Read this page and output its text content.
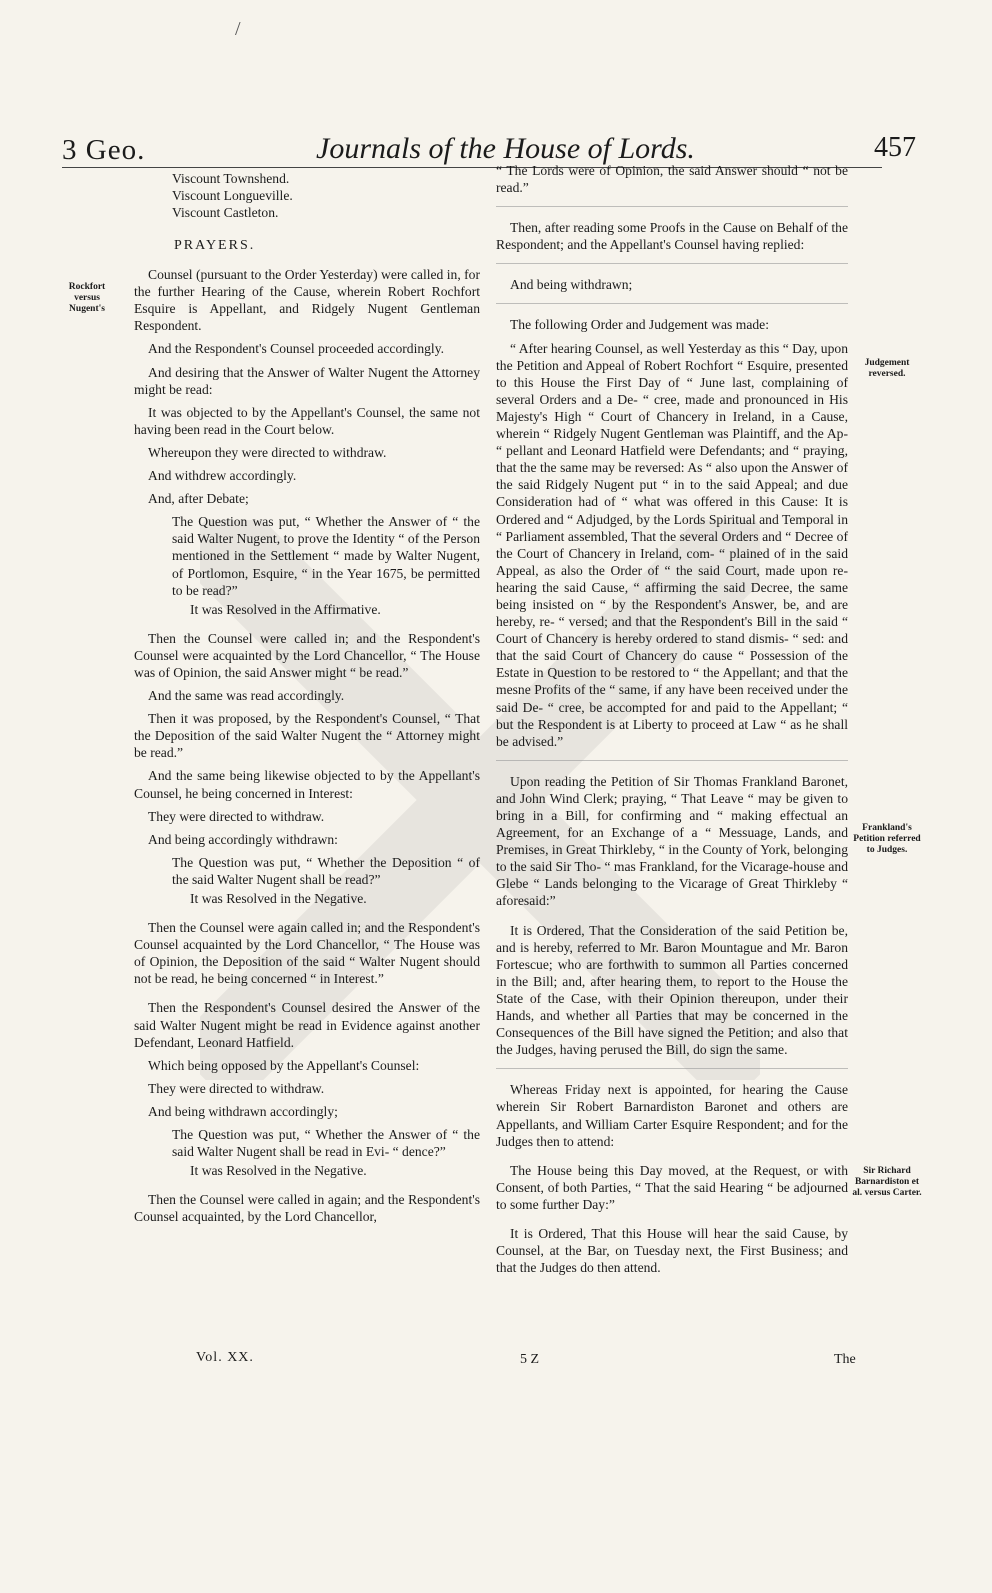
/
3 Geo.	Journals of the House of Lords.	457
Rockfort versus Nugent's
Judgement reversed.
Frankland's Petition referred to Judges.
Sir Richard Barnardiston et al. versus Carter.

Viscount Townshend.

Viscount Longueville.

Viscount Castleton.

PRAYERS.

Counsel (pursuant to the Order Yesterday) were called in, for the further Hearing of the Cause, wherein Robert Rochfort Esquire is Appellant, and Ridgely Nugent Gentleman Respondent.

And the Respondent's Counsel proceeded accordingly.

And desiring that the Answer of Walter Nugent the Attorney might be read:

It was objected to by the Appellant's Counsel, the same not having been read in the Court below.

Whereupon they were directed to withdraw.

And withdrew accordingly.

And, after Debate;

The Question was put, “ Whether the Answer of “ the said Walter Nugent, to prove the Identity “ of the Person mentioned in the Settlement “ made by Walter Nugent, of Portlomon, Esquire, “ in the Year 1675, be permitted to be read?”

It was Resolved in the Affirmative.

Then the Counsel were called in; and the Respondent's Counsel were acquainted by the Lord Chancellor, “ The House was of Opinion, the said Answer might “ be read.”

And the same was read accordingly.

Then it was proposed, by the Respondent's Counsel, “ That the Deposition of the said Walter Nugent the “ Attorney might be read.”

And the same being likewise objected to by the Appellant's Counsel, he being concerned in Interest:

They were directed to withdraw.

And being accordingly withdrawn:

The Question was put, “ Whether the Deposition “ of the said Walter Nugent shall be read?”

It was Resolved in the Negative.

Then the Counsel were again called in; and the Respondent's Counsel acquainted by the Lord Chancellor, “ The House was of Opinion, the Deposition of the said “ Walter Nugent should not be read, he being concerned “ in Interest.”

Then the Respondent's Counsel desired the Answer of the said Walter Nugent might be read in Evidence against another Defendant, Leonard Hatfield.

Which being opposed by the Appellant's Counsel:

They were directed to withdraw.

And being withdrawn accordingly;

The Question was put, “ Whether the Answer of “ the said Walter Nugent shall be read in Evi- “ dence?”

It was Resolved in the Negative.

Then the Counsel were called in again; and the Respondent's Counsel acquainted, by the Lord Chancellor,

“ The Lords were of Opinion, the said Answer should “ not be read.”

Then, after reading some Proofs in the Cause on Behalf of the Respondent; and the Appellant's Counsel having replied:

And being withdrawn;

The following Order and Judgement was made:

“ After hearing Counsel, as well Yesterday as this “ Day, upon the Petition and Appeal of Robert Rochfort “ Esquire, presented to this House the First Day of “ June last, complaining of several Orders and a De- “ cree, made and pronounced in His Majesty's High “ Court of Chancery in Ireland, in a Cause, wherein “ Ridgely Nugent Gentleman was Plaintiff, and the Ap- “ pellant and Leonard Hatfield were Defendants; and “ praying, that the the same may be reversed: As “ also upon the Answer of the said Ridgely Nugent put “ in to the said Appeal; and due Consideration had of “ what was offered in this Cause: It is Ordered and “ Adjudged, by the Lords Spiritual and Temporal in “ Parliament assembled, That the several Orders and “ Decree of the Court of Chancery in Ireland, com- “ plained of in the said Appeal, as also the Order of “ the said Court, made upon re-hearing the said Cause, “ affirming the said Decree, the same being insisted on “ by the Respondent's Answer, be, and are hereby, re- “ versed; and that the Respondent's Bill in the said “ Court of Chancery is hereby ordered to stand dismis- “ sed: and that the said Court of Chancery do cause “ Possession of the Estate in Question to be restored to “ the Appellant; and that the mesne Profits of the “ same, if any have been received under the said De- “ cree, be accompted for and paid to the Appellant; “ but the Respondent is at Liberty to proceed at Law “ as he shall be advised.”

Upon reading the Petition of Sir Thomas Frankland Baronet, and John Wind Clerk; praying, “ That Leave “ may be given to bring in a Bill, for confirming and “ making effectual an Agreement, for an Exchange of a “ Messuage, Lands, and Premises, in Great Thirkleby, “ in the County of York, belonging to the said Sir Tho- “ mas Frankland, for the Vicarage-house and Glebe “ Lands belonging to the Vicarage of Great Thirkleby “ aforesaid:”

It is Ordered, That the Consideration of the said Petition be, and is hereby, referred to Mr. Baron Mountague and Mr. Baron Fortescue; who are forthwith to summon all Parties concerned in the Bill; and, after hearing them, to report to the House the State of the Case, with their Opinion thereupon, under their Hands, and whether all Parties that may be concerned in the Consequences of the Bill have signed the Petition; and also that the Judges, having perused the Bill, do sign the same.

Whereas Friday next is appointed, for hearing the Cause wherein Sir Robert Barnardiston Baronet and others are Appellants, and William Carter Esquire Respondent; and for the Judges then to attend:

The House being this Day moved, at the Request, or with Consent, of both Parties, “ That the said Hearing “ be adjourned to some further Day:”

It is Ordered, That this House will hear the said Cause, by Counsel, at the Bar, on Tuesday next, the First Business; and that the Judges do then attend.

Vol. XX.	5 Z	The
